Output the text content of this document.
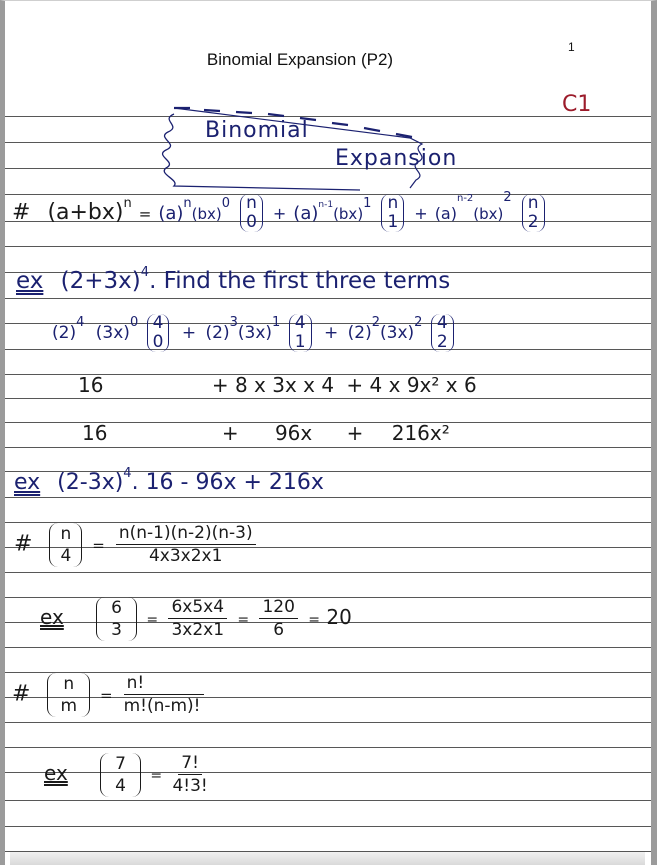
Binomial Expansion (P2)
1
C1
Binomial
Expansion
# $(a+bx)^n = (a)^n(bx)^0$ n
$0 + (a)^{n-1}(bx)^1$ n
$1 + (a)^{n-2}(bx)^2$ n
2
ex $(2+3x)^4$. Find the first three terms
$(2)^4$ $(3x)^0$ 4
$0 + (2)^3(3x)^1$ 4
$1 + (2)^2(3x)^2$ 4
2
16	+ 8 x 3x x 4 + 4 x 9x² x 6
16	+ 96x + 216x²
ex $(2-3x)^4$. 16 - 96x + 216x
# n
$4 = \frac{n(n-1)(n-2)(n-3)}{4x3x2x1}$
ex	6
$3 = \frac{6x5x4}{3x2x1} = \frac{120}{6} = 20$
# n
$m = \frac{n!}{m!(n-m)!}$
ex	7
$4 = \frac{7!}{4!3!}$
